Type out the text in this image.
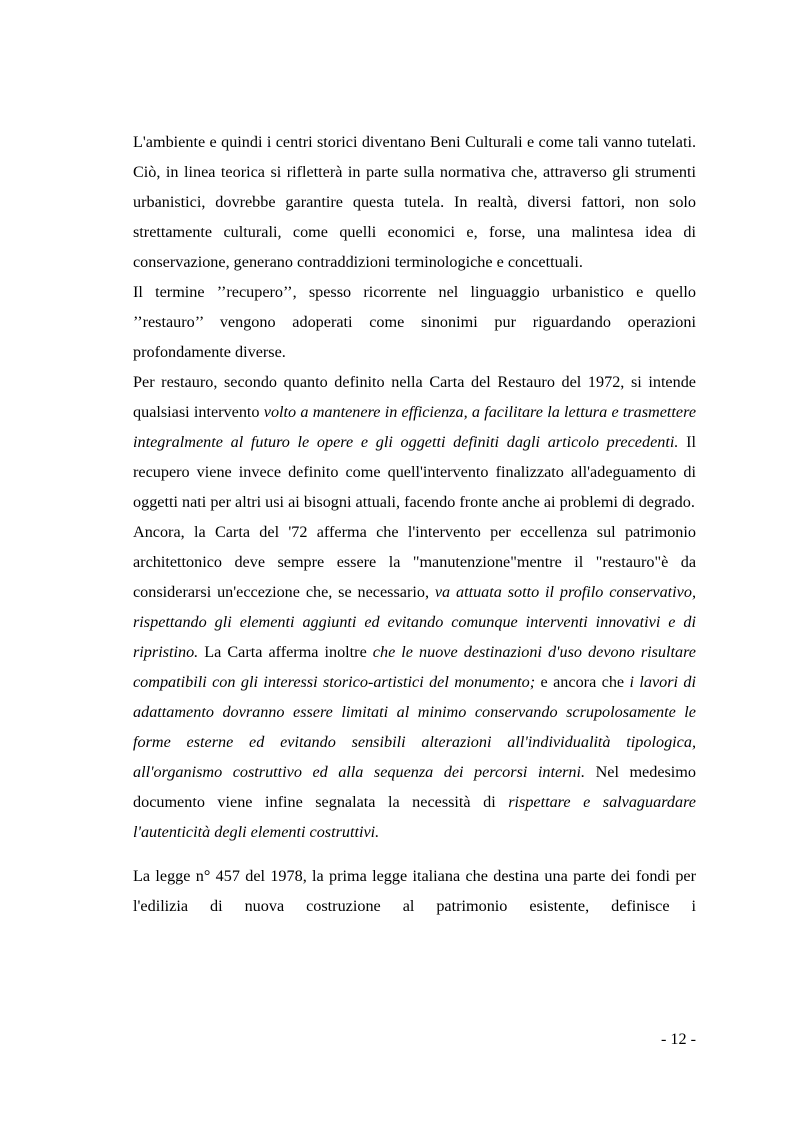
L'ambiente e quindi i centri storici diventano Beni Culturali e come tali vanno tutelati. Ciò, in linea teorica si rifletterà in parte sulla normativa che, attraverso gli strumenti urbanistici, dovrebbe garantire questa tutela. In realtà, diversi fattori, non solo strettamente culturali, come quelli economici e, forse, una malintesa idea di conservazione, generano contraddizioni terminologiche e concettuali.

Il termine ’’recupero’’, spesso ricorrente nel linguaggio urbanistico e quello ’’restauro’’ vengono adoperati come sinonimi pur riguardando operazioni profondamente diverse.

Per restauro, secondo quanto definito nella Carta del Restauro del 1972, si intende qualsiasi intervento volto a mantenere in efficienza, a facilitare la lettura e trasmettere integralmente al futuro le opere e gli oggetti definiti dagli articolo precedenti. Il recupero viene invece definito come quell'intervento finalizzato all'adeguamento di oggetti nati per altri usi ai bisogni attuali, facendo fronte anche ai problemi di degrado.

Ancora, la Carta del '72 afferma che l'intervento per eccellenza sul patrimonio architettonico deve sempre essere la "manutenzione"mentre il "restauro"è da considerarsi un'eccezione che, se necessario, va attuata sotto il profilo conservativo, rispettando gli elementi aggiunti ed evitando comunque interventi innovativi e di ripristino. La Carta afferma inoltre che le nuove destinazioni d'uso devono risultare compatibili con gli interessi storico-artistici del monumento; e ancora che i lavori di adattamento dovranno essere limitati al minimo conservando scrupolosamente le forme esterne ed evitando sensibili alterazioni all'individualità tipologica, all'organismo costruttivo ed alla sequenza dei percorsi interni. Nel medesimo documento viene infine segnalata la necessità di rispettare e salvaguardare l'autenticità degli elementi costruttivi.

La legge n° 457 del 1978, la prima legge italiana che destina una parte dei fondi per l'edilizia di nuova costruzione al patrimonio esistente, definisce i

- 12 -
